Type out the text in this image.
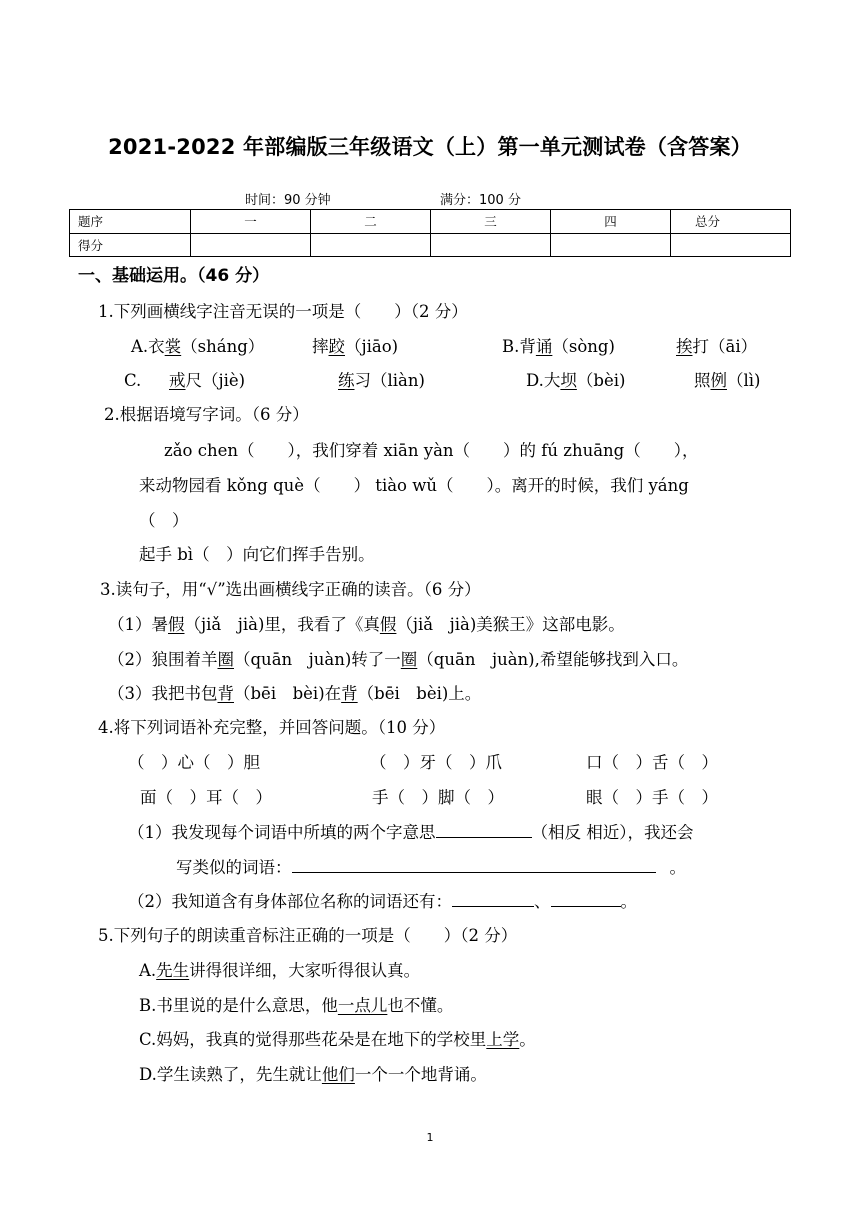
2021-2022 年部编版三年级语文（上）第一单元测试卷（含答案）
时间：90 分钟	满分：100 分
题序	一	二	三	四	总分
得分					
一、基础运用。（46 分）
1.下列画横线字注音无误的一项是（　　）（2 分）
A.衣裳（sháng）	摔跤（jiāo)	B.背诵（sòng)	挨打（āi）
C. 戒尺（jiè)	练习（liàn)	D.大坝（bèi)	照例（lì)
2.根据语境写字词。（6 分）
zǎo chen（　　），我们穿着 xiān yàn（　　）的 fú zhuāng（　　），
来动物园看 kǒng què（　　） tiào wǔ（　　）。离开的时候，我们 yáng
（　）
起手 bì（　）向它们挥手告别。
3.读句子，用“√”选出画横线字正确的读音。（6 分）
（1）暑假（jiǎ　jià)里，我看了《真假（jiǎ　jià)美猴王》这部电影。
（2）狼围着羊圈（quān　juàn)转了一圈（quān　juàn),希望能够找到入口。
（3）我把书包背（bēi　bèi)在背（bēi　bèi)上。
4.将下列词语补充完整，并回答问题。（10 分）
（　）心（　）胆	（　）牙（　）爪	口（　）舌（　）
面（　）耳（　）	手（　）脚（　）	眼（　）手（　）
（1）我发现每个词语中所填的两个字意思	（相反 相近），我还会
写类似的词语：	。
（2）我知道含有身体部位名称的词语还有：	、	。
5.下列句子的朗读重音标注正确的一项是（　　）（2 分）
A.先生讲得很详细，大家听得很认真。
B.书里说的是什么意思，他一点儿也不懂。
C.妈妈，我真的觉得那些花朵是在地下的学校里上学。
D.学生读熟了，先生就让他们一个一个地背诵。
1
